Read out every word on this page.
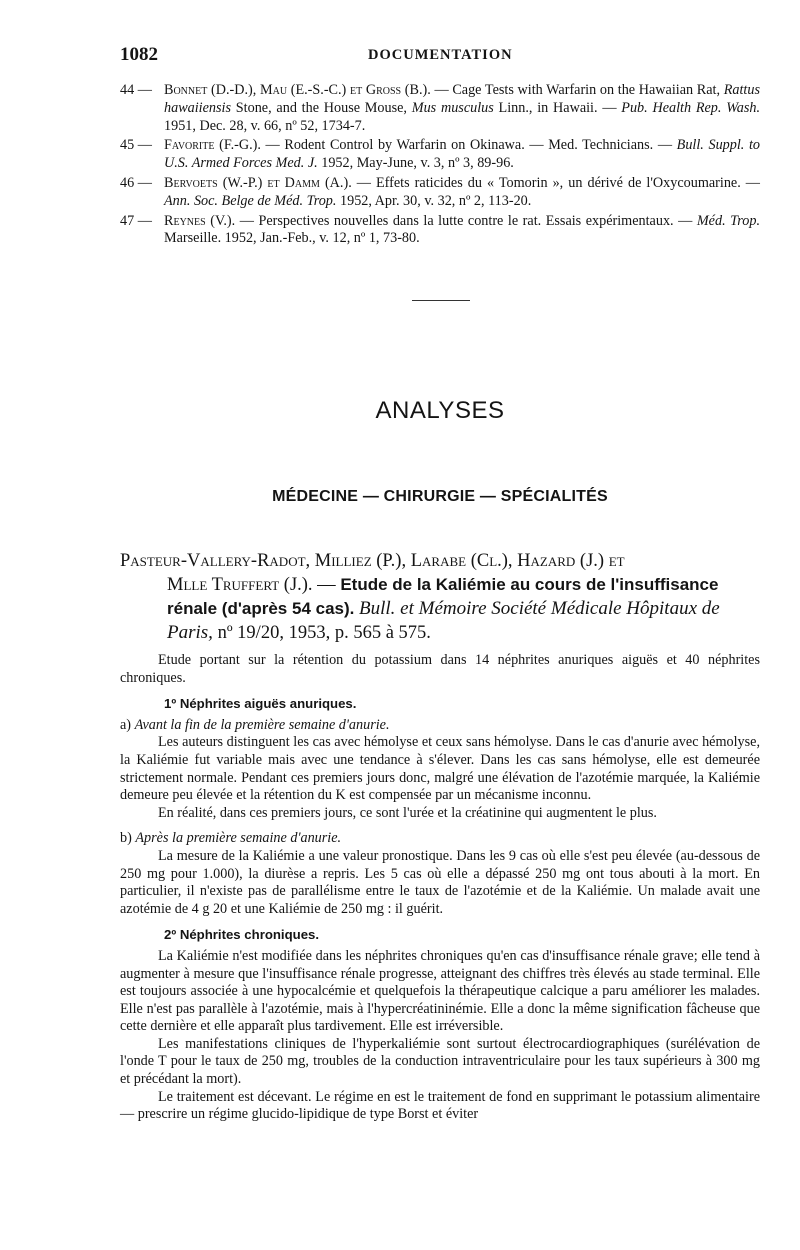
1082	DOCUMENTATION
44 — Bonnet (D.-D.), Mau (E.-S.-C.) et Gross (B.). — Cage Tests with Warfarin on the Hawaiian Rat, Rattus hawaiiensis Stone, and the House Mouse, Mus musculus Linn., in Hawaii. — Pub. Health Rep. Wash. 1951, Dec. 28, v. 66, nº 52, 1734-7.
45 — Favorite (F.-G.). — Rodent Control by Warfarin on Okinawa. — Med. Technicians. — Bull. Suppl. to U.S. Armed Forces Med. J. 1952, May-June, v. 3, nº 3, 89-96.
46 — Bervoets (W.-P.) et Damm (A.). — Effets raticides du « Tomorin », un dérivé de l'Oxycoumarine. — Ann. Soc. Belge de Méd. Trop. 1952, Apr. 30, v. 32, nº 2, 113-20.
47 — Reynes (V.). — Perspectives nouvelles dans la lutte contre le rat. Essais expérimentaux. — Méd. Trop. Marseille. 1952, Jan.-Feb., v. 12, nº 1, 73-80.
ANALYSES
MÉDECINE — CHIRURGIE — SPÉCIALITÉS
Pasteur-Vallery-Radot, Milliez (P.), Larabe (Cl.), Hazard (J.) et
Mlle Truffert (J.). — Etude de la Kaliémie au cours de l'insuffisance
rénale (d'après 54 cas). Bull. et Mémoire Société Médicale Hôpitaux de Paris, nº 19/20, 1953, p. 565 à 575.

Etude portant sur la rétention du potassium dans 14 néphrites anuriques aiguës et 40 néphrites chroniques.

1º Néphrites aiguës anuriques.

a) Avant la fin de la première semaine d'anurie.

Les auteurs distinguent les cas avec hémolyse et ceux sans hémolyse. Dans le cas d'anurie avec hémolyse, la Kaliémie fut variable mais avec une tendance à s'élever. Dans les cas sans hémolyse, elle est demeurée strictement normale. Pendant ces premiers jours donc, malgré une élévation de l'azotémie marquée, la Kaliémie demeure peu élevée et la rétention du K est compensée par un mécanisme inconnu.

En réalité, dans ces premiers jours, ce sont l'urée et la créatinine qui augmentent le plus.

b) Après la première semaine d'anurie.

La mesure de la Kaliémie a une valeur pronostique. Dans les 9 cas où elle s'est peu élevée (au-dessous de 250 mg pour 1.000), la diurèse a repris. Les 5 cas où elle a dépassé 250 mg ont tous abouti à la mort. En particulier, il n'existe pas de parallélisme entre le taux de l'azotémie et de la Kaliémie. Un malade avait une azotémie de 4 g 20 et une Kaliémie de 250 mg : il guérit.

2º Néphrites chroniques.

La Kaliémie n'est modifiée dans les néphrites chroniques qu'en cas d'insuffisance rénale grave; elle tend à augmenter à mesure que l'insuffisance rénale progresse, atteignant des chiffres très élevés au stade terminal. Elle est toujours associée à une hypocalcémie et quelquefois la thérapeutique calcique a paru améliorer les malades. Elle n'est pas parallèle à l'azotémie, mais à l'hypercréatininémie. Elle a donc la même signification fâcheuse que cette dernière et elle apparaît plus tardivement. Elle est irréversible.

Les manifestations cliniques de l'hyperkaliémie sont surtout électrocardiographiques (surélévation de l'onde T pour le taux de 250 mg, troubles de la conduction intraventriculaire pour les taux supérieurs à 300 mg et précédant la mort).

Le traitement est décevant. Le régime en est le traitement de fond en supprimant le potassium alimentaire — prescrire un régime glucido-lipidique de type Borst et éviter
